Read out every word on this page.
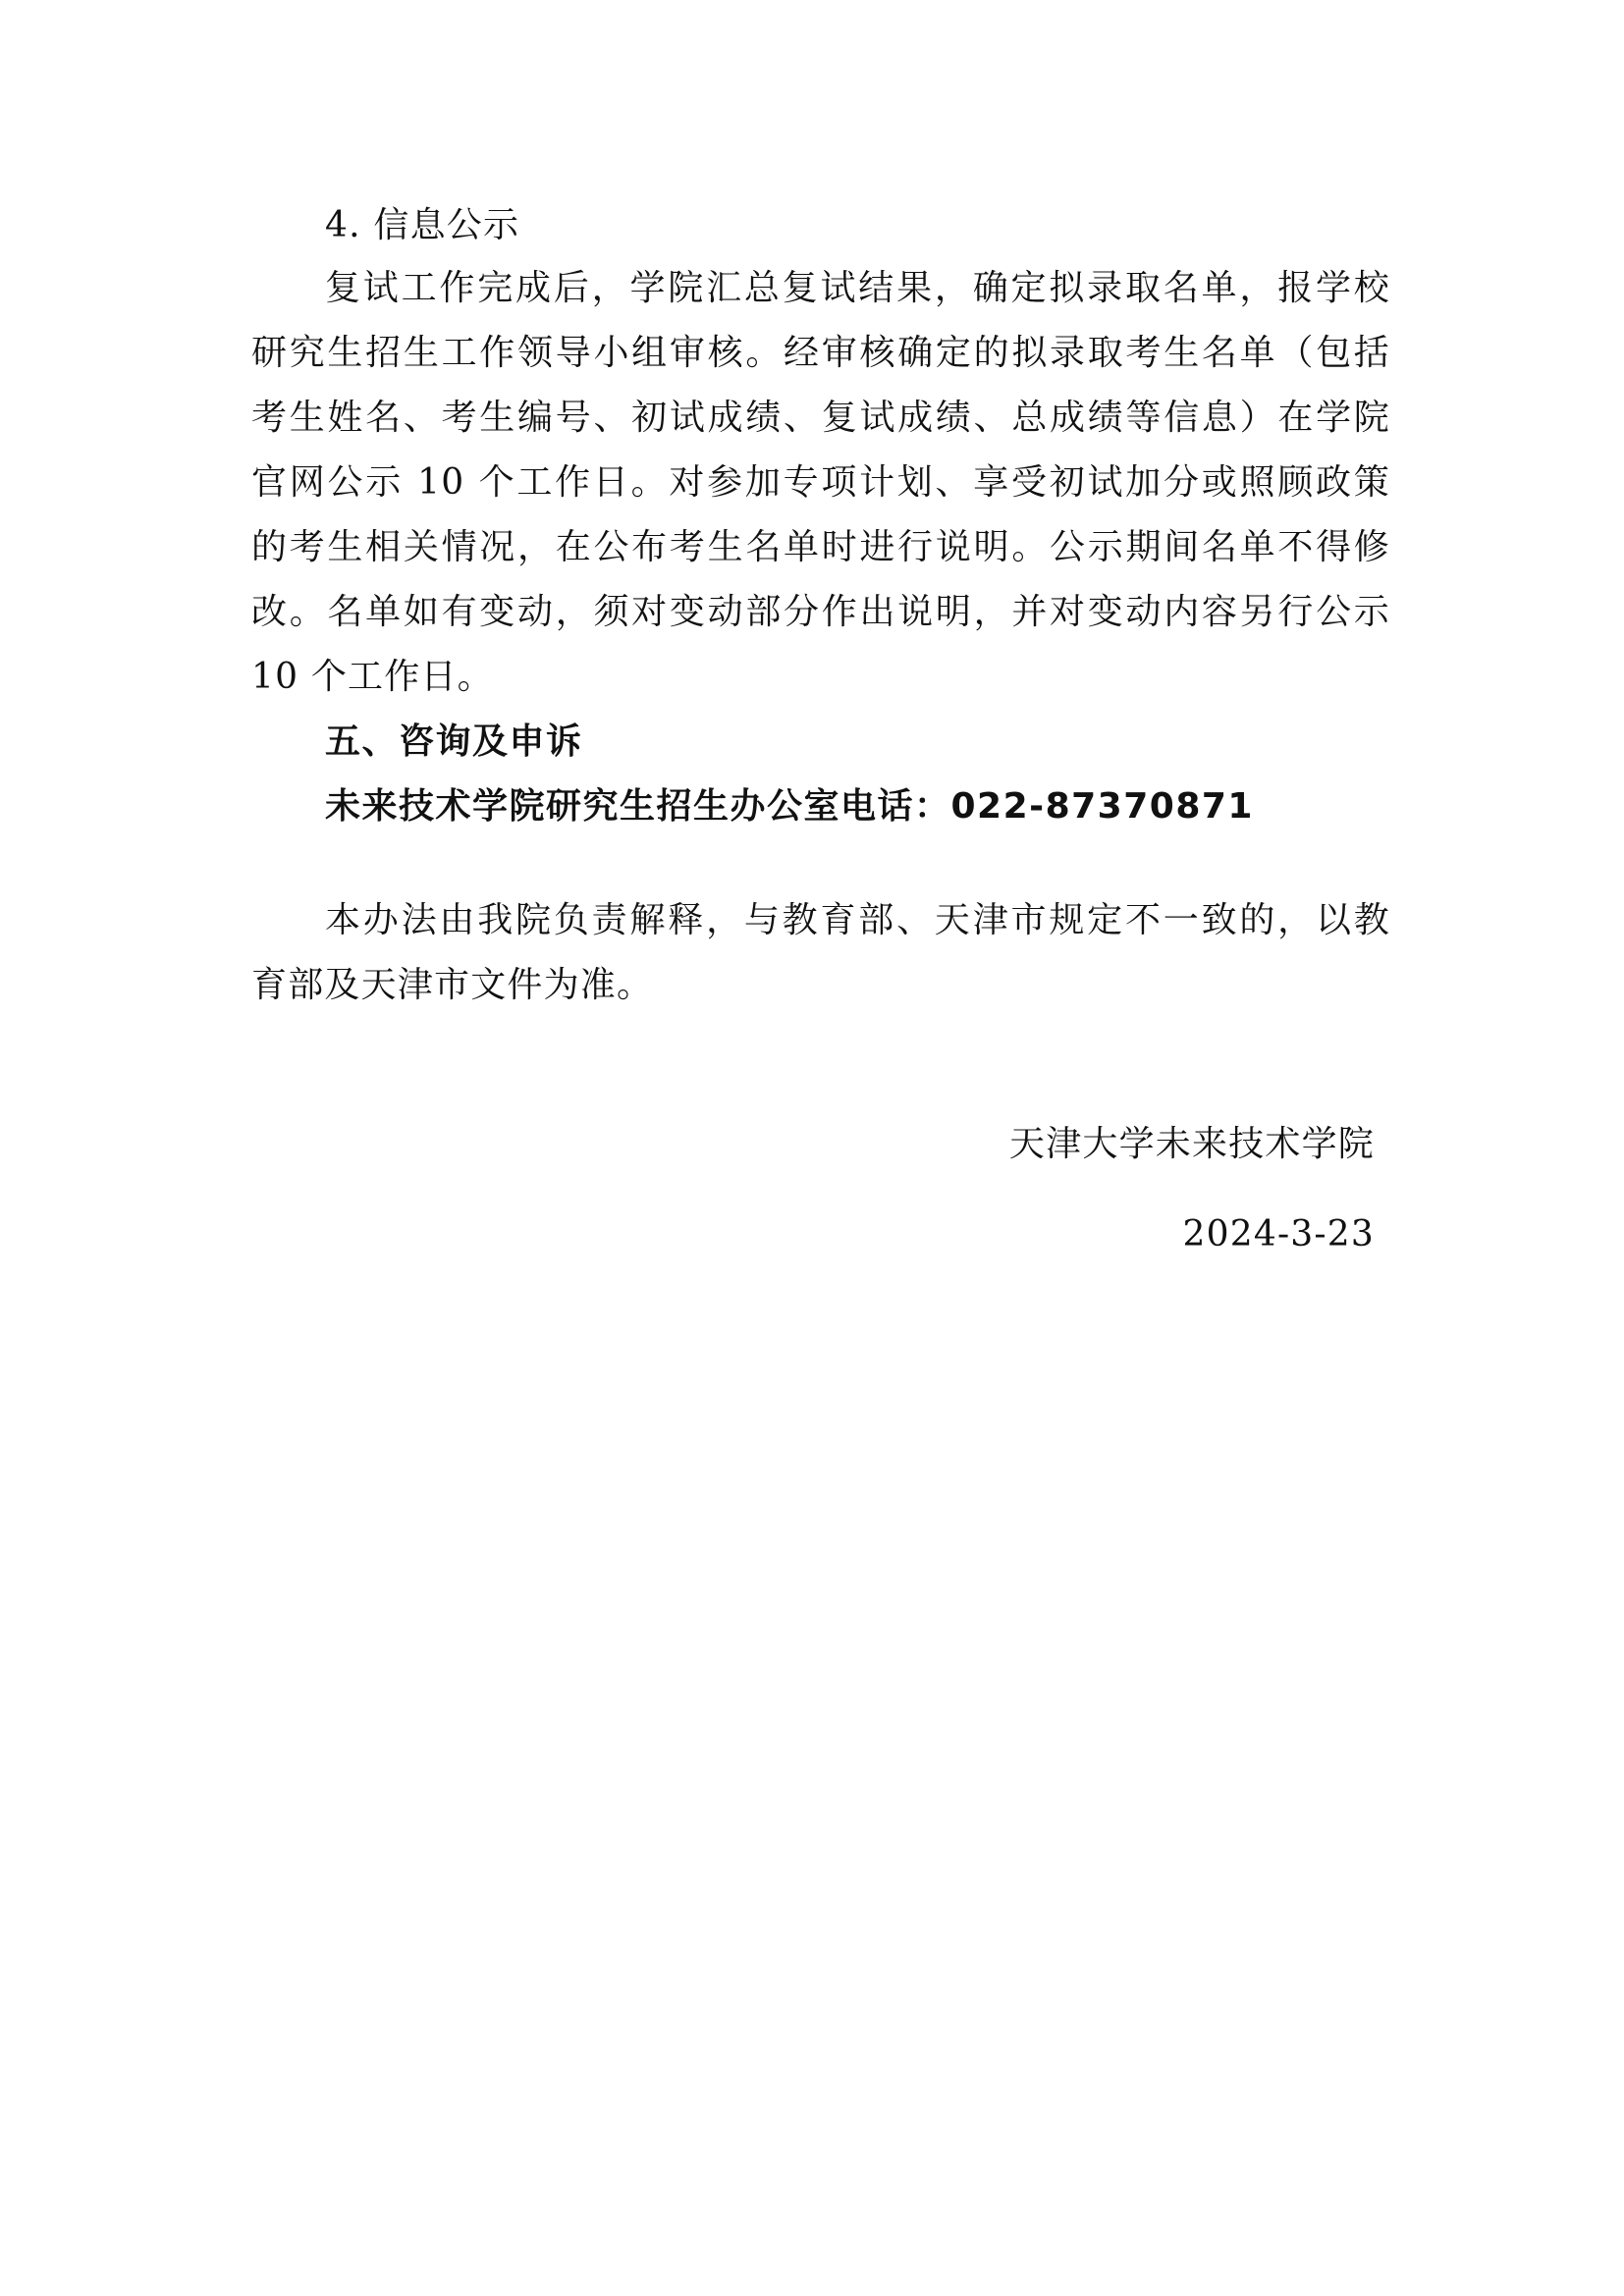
4. 信息公示
复试工作完成后，学院汇总复试结果，确定拟录取名单，报学校
研究生招生工作领导小组审核。经审核确定的拟录取考生名单（包括
考生姓名、考生编号、初试成绩、复试成绩、总成绩等信息）在学院
官网公示 10 个工作日。对参加专项计划、享受初试加分或照顾政策
的考生相关情况，在公布考生名单时进行说明。公示期间名单不得修
改。名单如有变动，须对变动部分作出说明，并对变动内容另行公示
10 个工作日。
五、咨询及申诉
未来技术学院研究生招生办公室电话：022-87370871
本办法由我院负责解释，与教育部、天津市规定不一致的，以教
育部及天津市文件为准。
天津大学未来技术学院
2024-3-23
